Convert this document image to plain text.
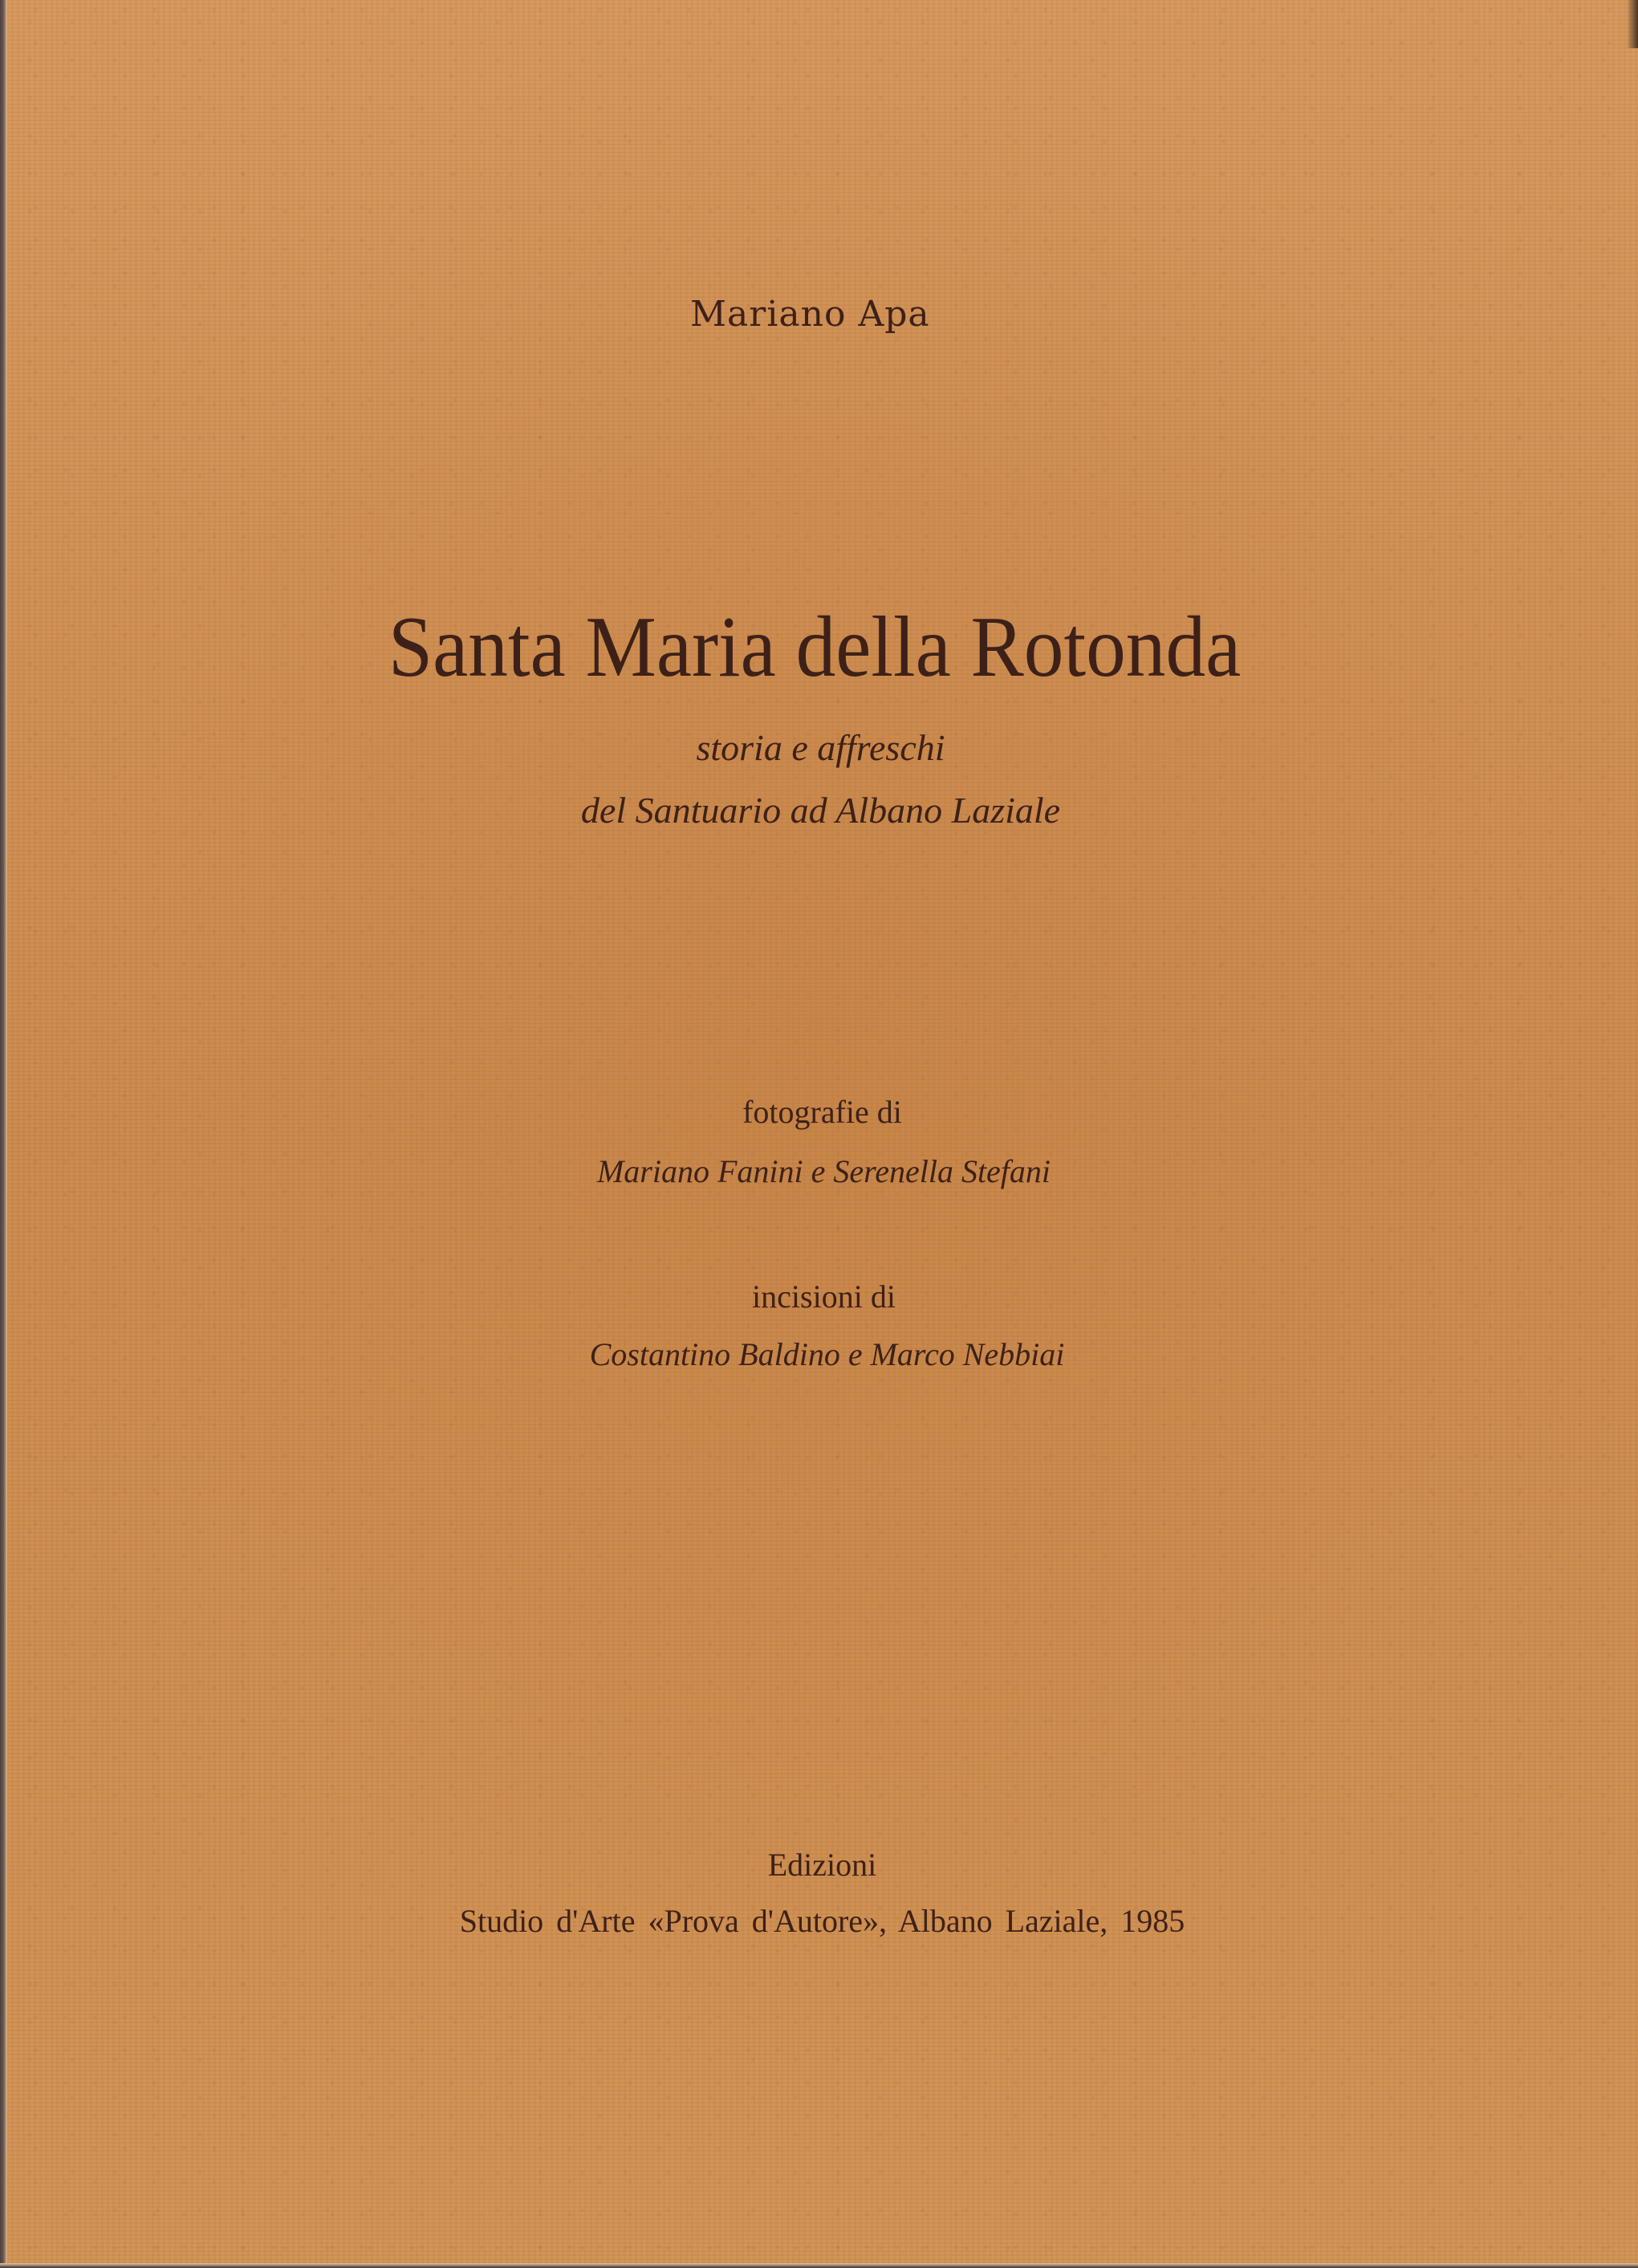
Mariano Apa
Santa Maria della Rotonda
storia e affreschi
del Santuario ad Albano Laziale
fotografie di
Mariano Fanini e Serenella Stefani
incisioni di
Costantino Baldino e Marco Nebbiai
Edizioni
Studio d'Arte «Prova d'Autore», Albano Laziale, 1985
